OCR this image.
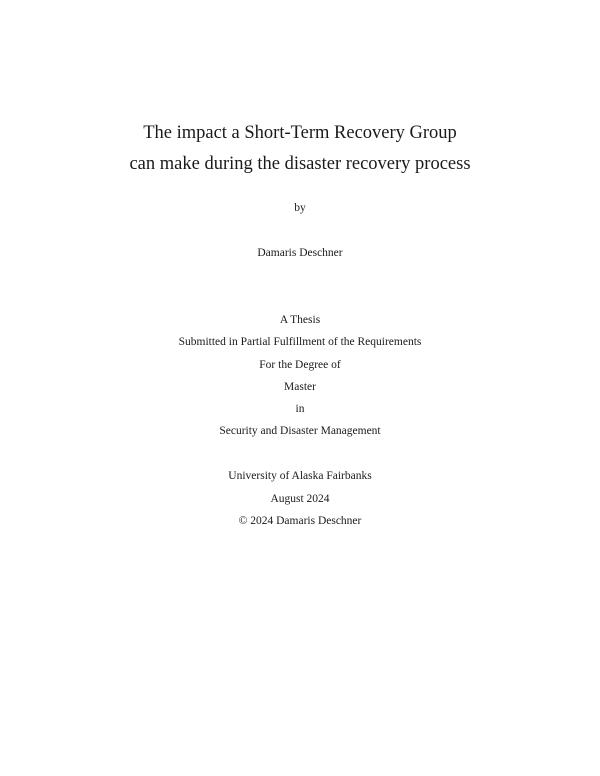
The impact a Short-Term Recovery Group
can make during the disaster recovery process
by
Damaris Deschner
A Thesis
Submitted in Partial Fulfillment of the Requirements
For the Degree of
Master
in
Security and Disaster Management
University of Alaska Fairbanks
August 2024
© 2024 Damaris Deschner
